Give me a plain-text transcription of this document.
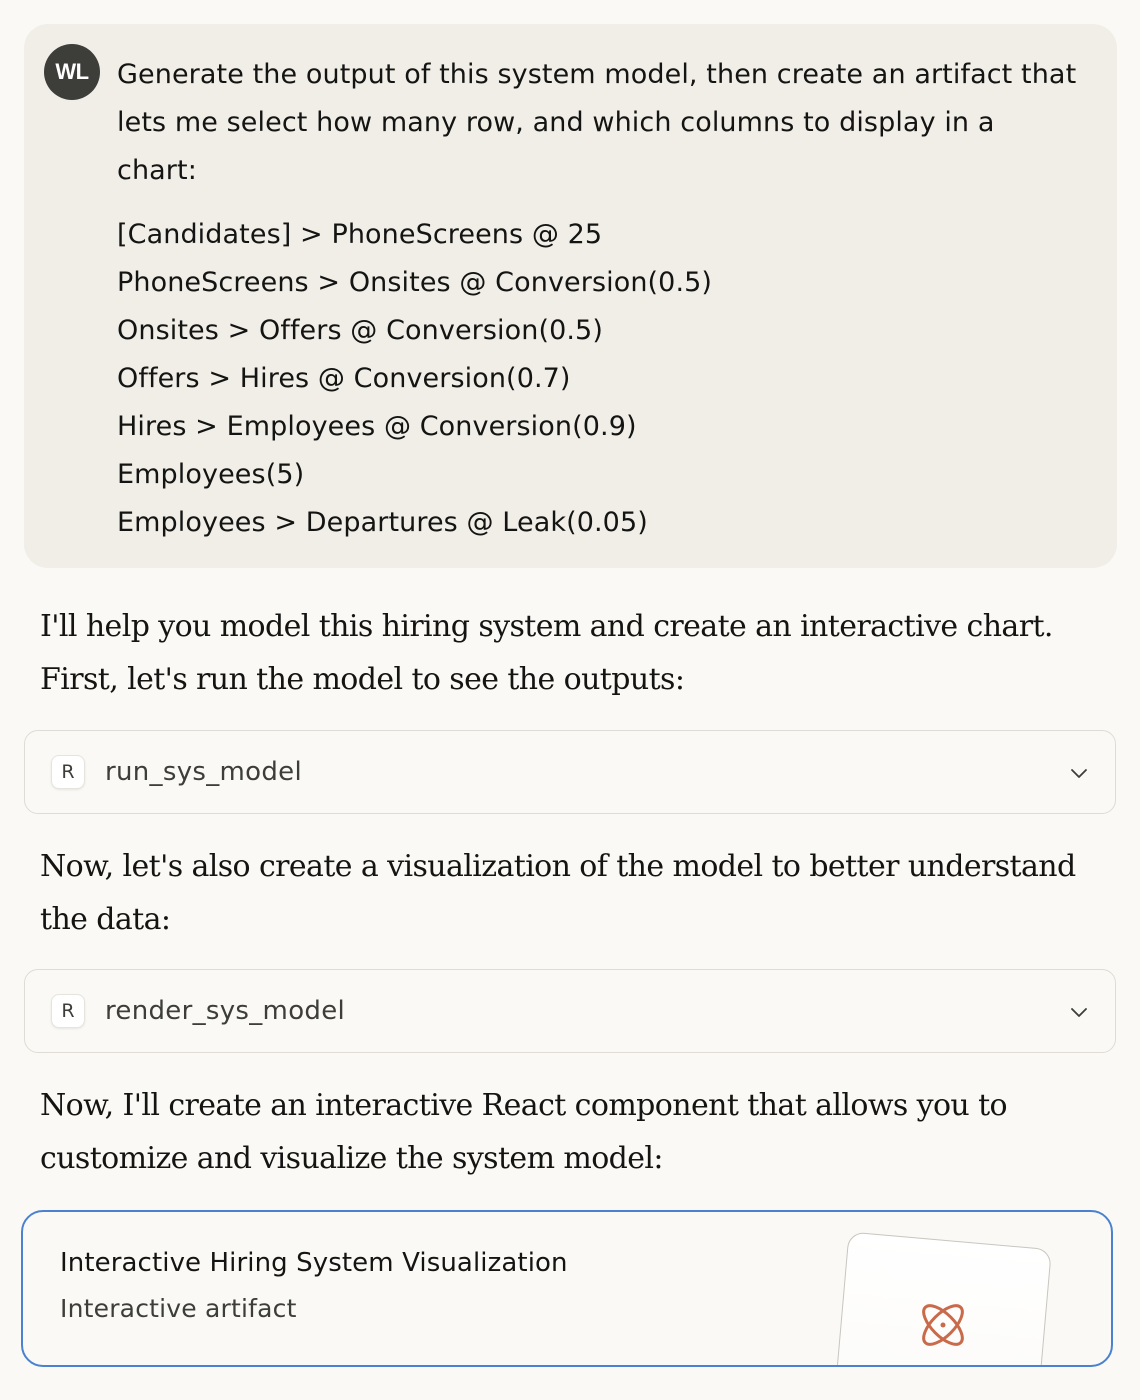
WL	Generate the output of this system model, then create an artifact that lets me select how many row, and which columns to display in a chart:

[Candidates] > PhoneScreens @ 25
PhoneScreens > Onsites @ Conversion(0.5)
Onsites > Offers @ Conversion(0.5)
Offers > Hires @ Conversion(0.7)
Hires > Employees @ Conversion(0.9)
Employees(5)
Employees > Departures @ Leak(0.05)

I'll help you model this hiring system and create an interactive chart. First, let's run the model to see the outputs:

R	run_sys_model

Now, let's also create a visualization of the model to better understand the data:

R	render_sys_model

Now, I'll create an interactive React component that allows you to customize and visualize the system model:

Interactive Hiring System Visualization
Interactive artifact
